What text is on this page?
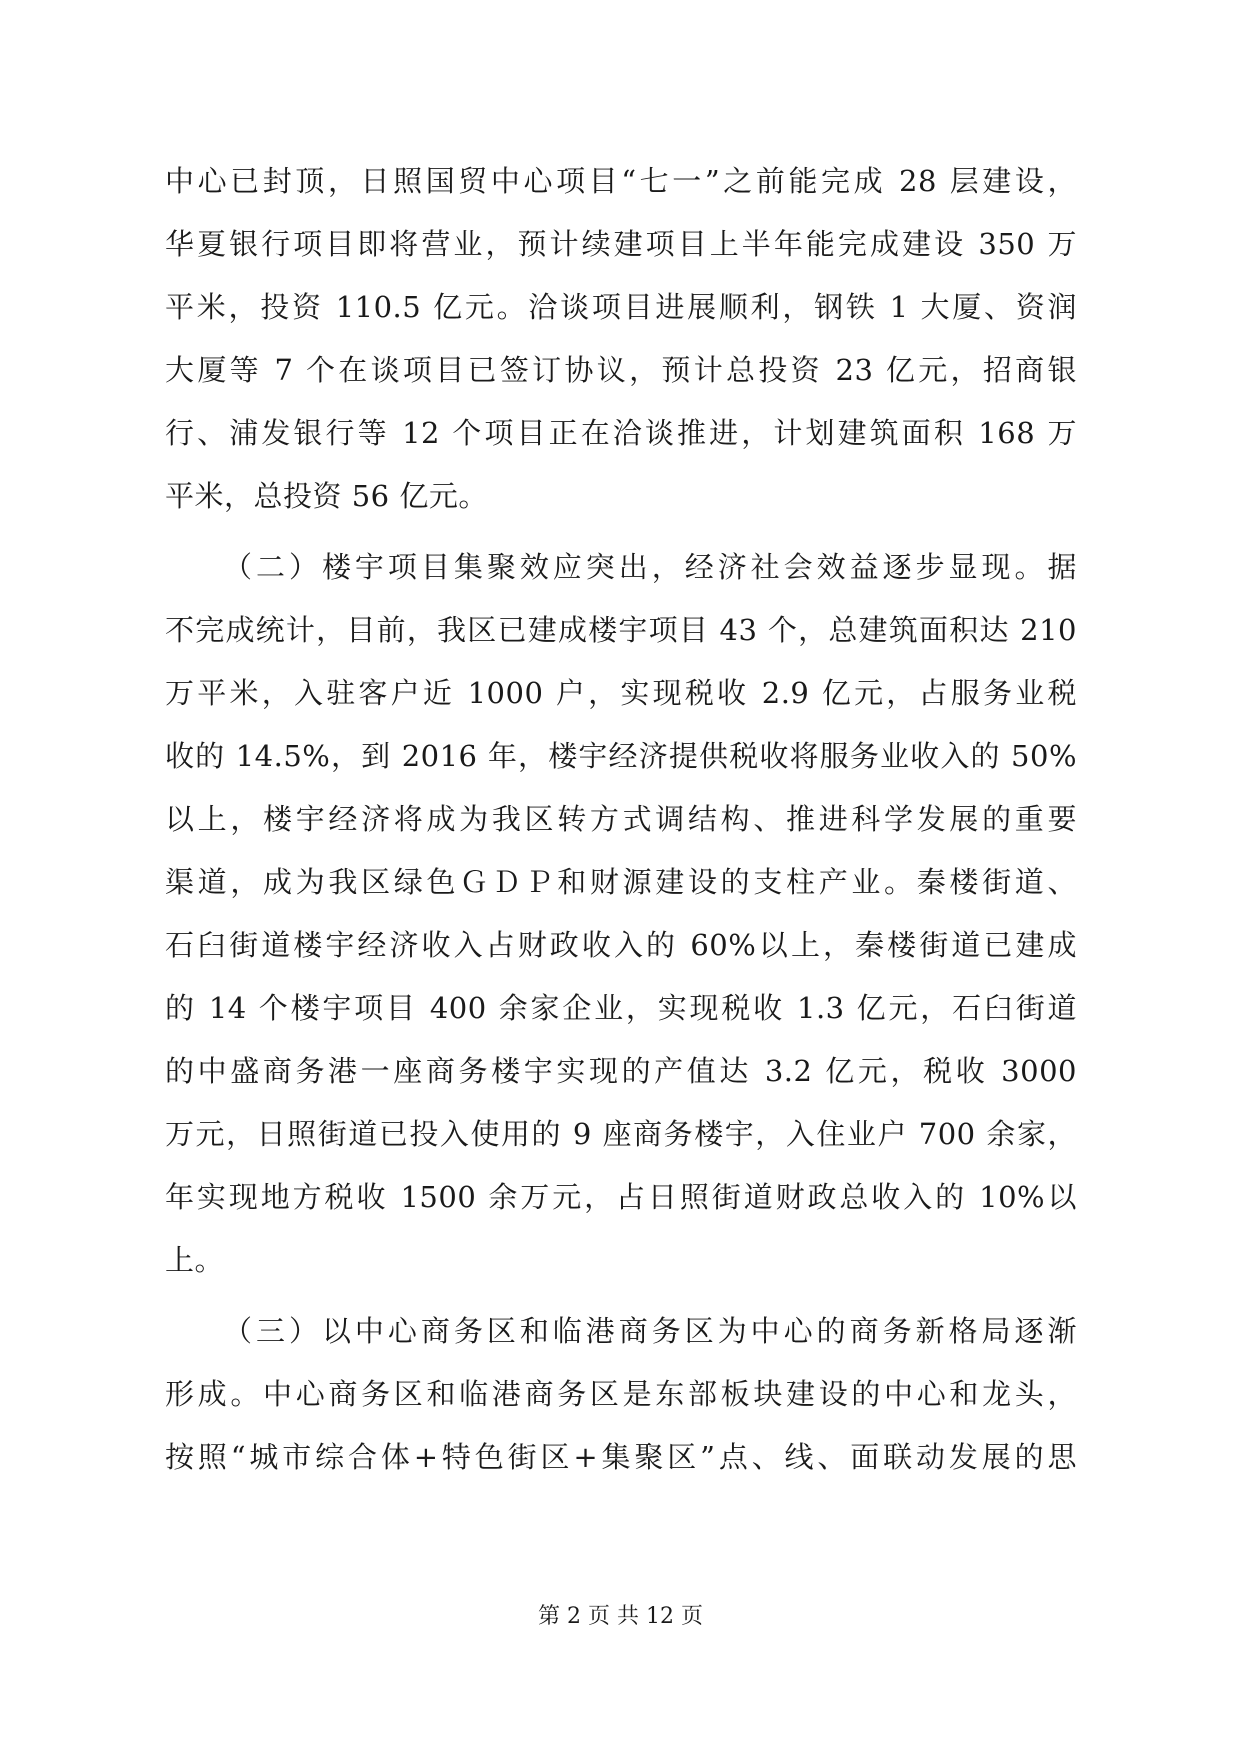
中心已封顶，日照国贸中心项目“七一”之前能完成 28 层建设，
华夏银行项目即将营业，预计续建项目上半年能完成建设 350 万
平米，投资 110.5 亿元。洽谈项目进展顺利，钢铁 1 大厦、资润
大厦等 7 个在谈项目已签订协议，预计总投资 23 亿元，招商银
行、浦发银行等 12 个项目正在洽谈推进，计划建筑面积 168 万
平米，总投资 56 亿元。
（二）楼宇项目集聚效应突出，经济社会效益逐步显现。据
不完成统计，目前，我区已建成楼宇项目 43 个，总建筑面积达 210
万平米，入驻客户近 1000 户，实现税收 2.9 亿元，占服务业税
收的 14.5%，到 2016 年，楼宇经济提供税收将服务业收入的 50%
以上，楼宇经济将成为我区转方式调结构、推进科学发展的重要
渠道，成为我区绿色ＧＤＰ和财源建设的支柱产业。秦楼街道、
石臼街道楼宇经济收入占财政收入的 60%以上，秦楼街道已建成
的 14 个楼宇项目 400 余家企业，实现税收 1.3 亿元，石臼街道
的中盛商务港一座商务楼宇实现的产值达 3.2 亿元，税收 3000
万元，日照街道已投入使用的 9 座商务楼宇，入住业户 700 余家，
年实现地方税收 1500 余万元，占日照街道财政总收入的 10%以
上。
（三）以中心商务区和临港商务区为中心的商务新格局逐渐
形成。中心商务区和临港商务区是东部板块建设的中心和龙头，
按照“城市综合体+特色街区+集聚区”点、线、面联动发展的思
第 2 页 共 12 页
